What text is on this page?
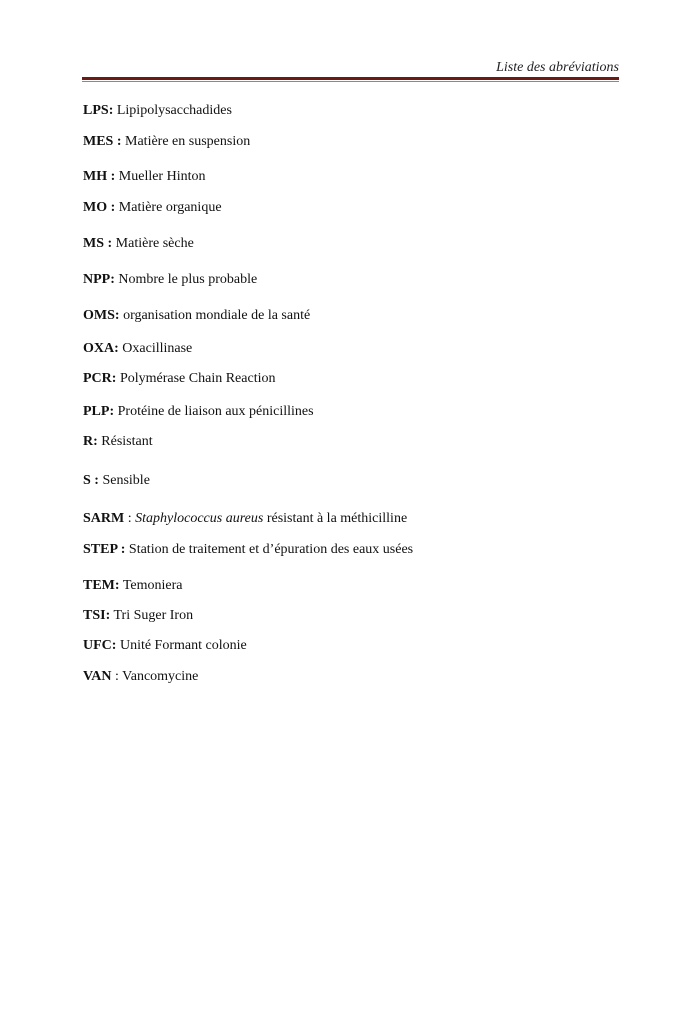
Liste des abréviations
LPS: Lipipolysacchadides
MES : Matière en suspension
MH : Mueller Hinton
MO : Matière organique
MS : Matière sèche
NPP: Nombre le plus probable
OMS: organisation mondiale de la santé
OXA: Oxacillinase
PCR: Polymérase Chain Reaction
PLP: Protéine de liaison aux pénicillines
R: Résistant
S : Sensible
SARM : Staphylococcus aureus résistant à la méthicilline
STEP : Station de traitement et d’épuration des eaux usées
TEM: Temoniera
TSI: Tri Suger Iron
UFC: Unité Formant colonie
VAN : Vancomycine
